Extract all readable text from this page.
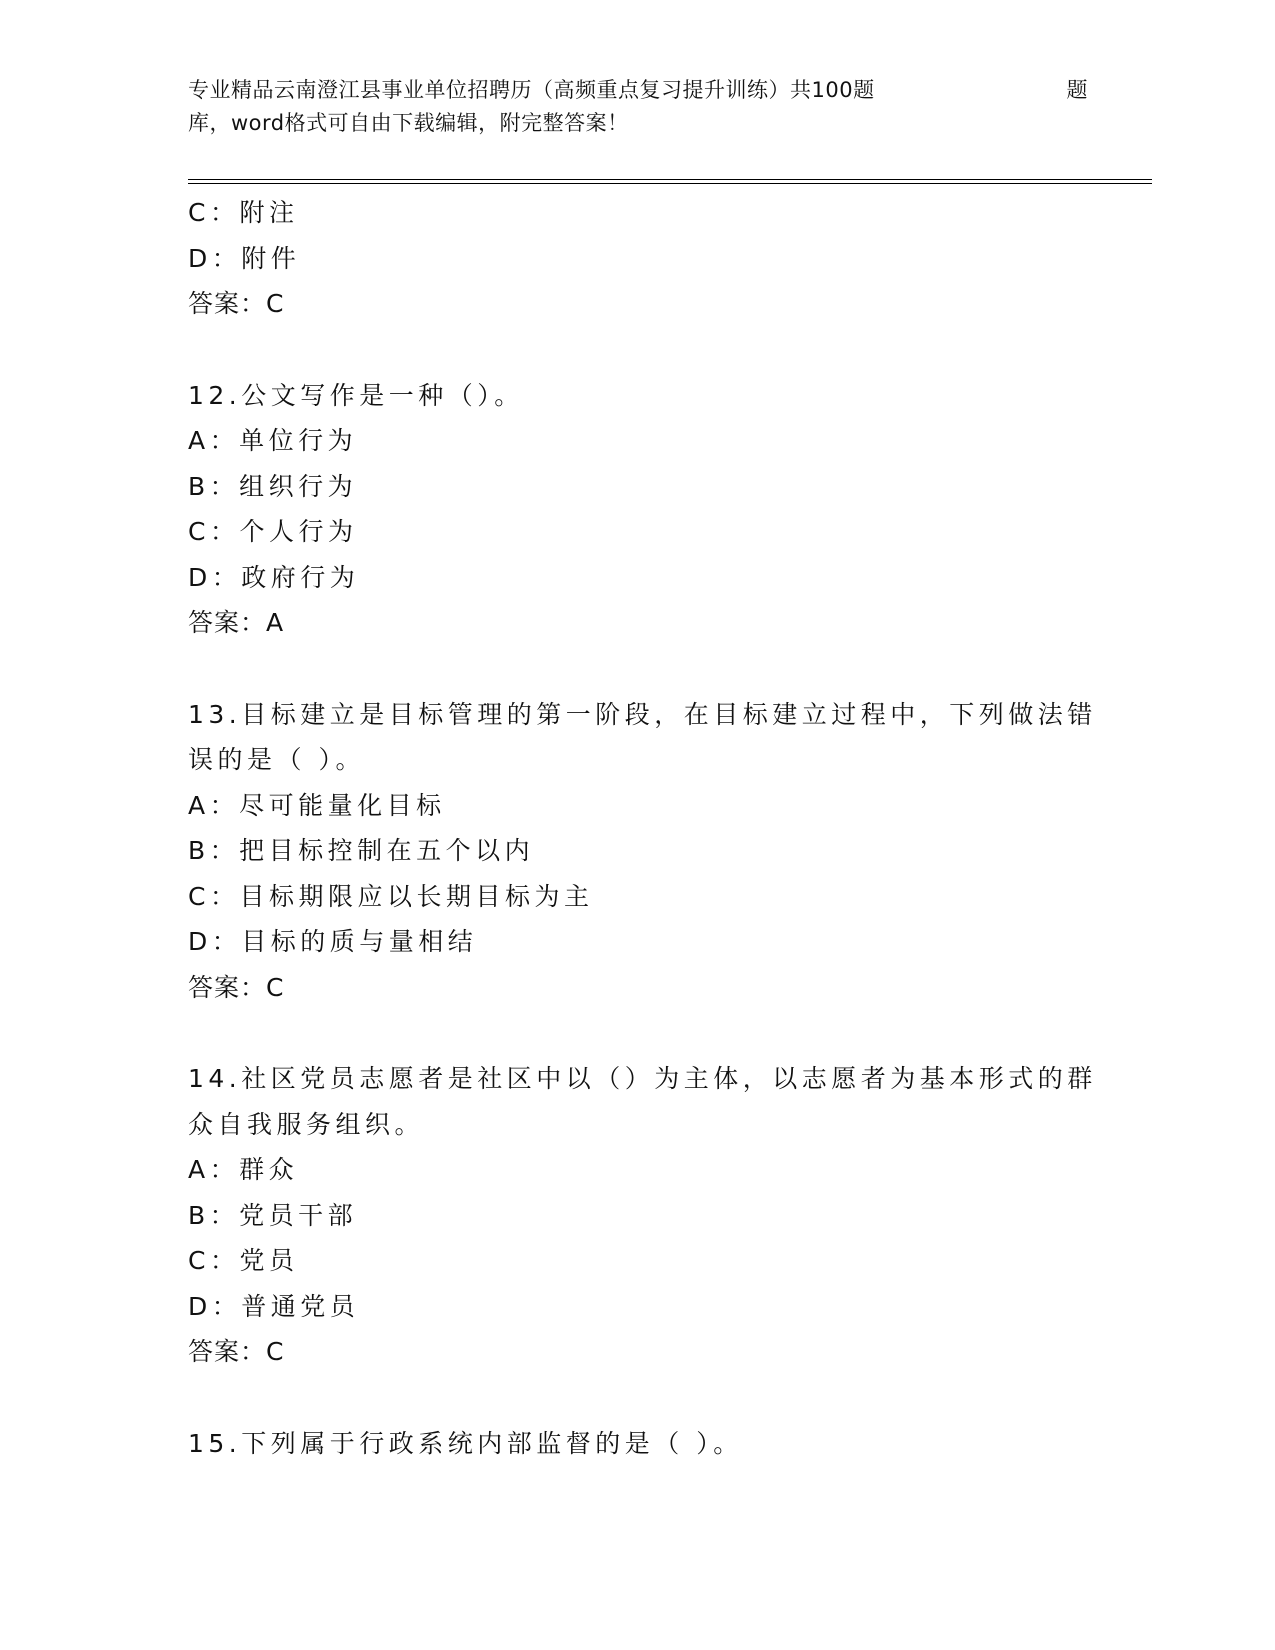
专业精品云南澄江县事业单位招聘历（高频重点复习提升训练）共100题	题
库，word格式可自由下载编辑，附完整答案！
C：附注
D：附件
答案：C
12.公文写作是一种（）。
A：单位行为
B：组织行为
C：个人行为
D：政府行为
答案：A
13.目标建立是目标管理的第一阶段，在目标建立过程中，下列做法错
误的是（ ）。
A：尽可能量化目标
B：把目标控制在五个以内
C：目标期限应以长期目标为主
D：目标的质与量相结
答案：C
14.社区党员志愿者是社区中以（）为主体，以志愿者为基本形式的群
众自我服务组织。
A：群众
B：党员干部
C：党员
D：普通党员
答案：C
15.下列属于行政系统内部监督的是（ ）。
